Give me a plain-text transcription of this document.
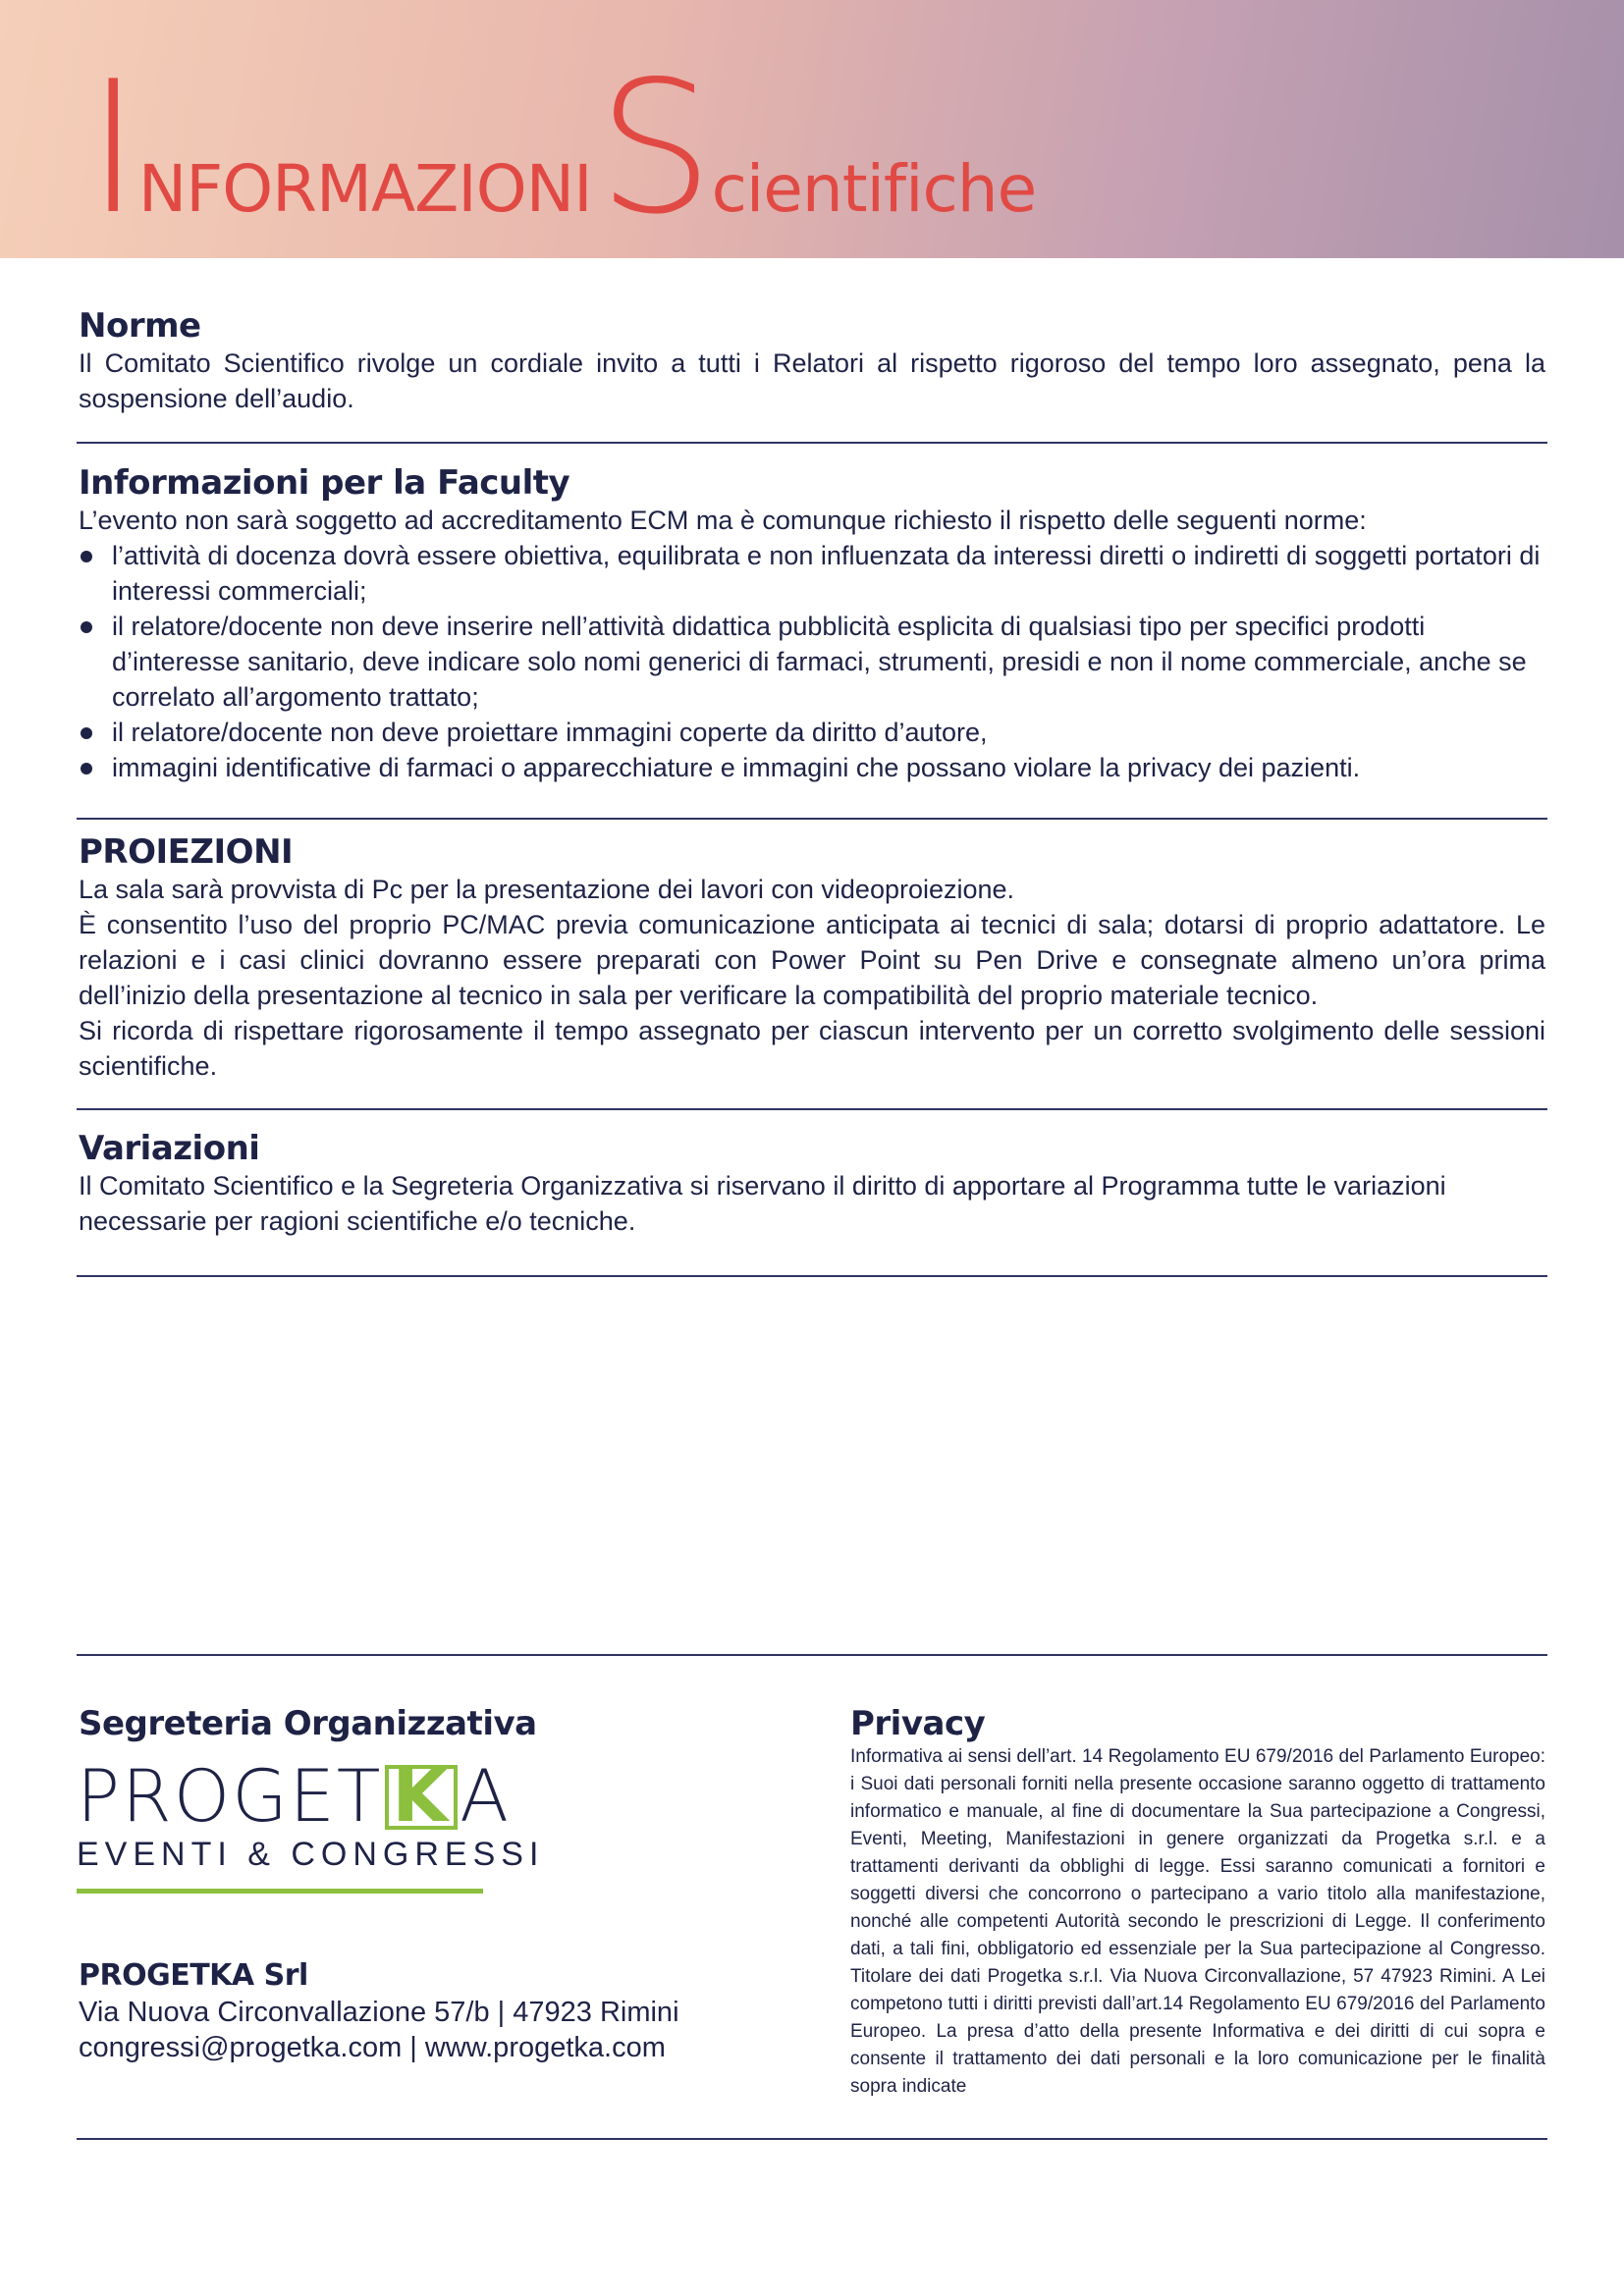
INFORMAZIONIScientifiche
Norme

Il Comitato Scientifico rivolge un cordiale invito a tutti i Relatori al rispetto rigoroso del tempo loro assegnato, pena la sospensione dell’audio.

Informazioni per la Faculty

L’evento non sarà soggetto ad accreditamento ECM ma è comunque richiesto il rispetto delle seguenti norme:

l’attività di docenza dovrà essere obiettiva, equilibrata e non influenzata da interessi diretti o indiretti di soggetti portatori di interessi commerciali;
il relatore/docente non deve inserire nell’attività didattica pubblicità esplicita di qualsiasi tipo per specifici prodotti d’interesse sanitario, deve indicare solo nomi generici di farmaci, strumenti, presidi e non il nome commerciale, anche se correlato all’argomento trattato;
il relatore/docente non deve proiettare immagini coperte da diritto d’autore,
immagini identificative di farmaci o apparecchiature e immagini che possano violare la privacy dei pazienti.
PROIEZIONI

La sala sarà provvista di Pc per la presentazione dei lavori con videoproiezione.

È consentito l’uso del proprio PC/MAC previa comunicazione anticipata ai tecnici di sala; dotarsi di proprio adattatore. Le relazioni e i casi clinici dovranno essere preparati con Power Point su Pen Drive e consegnate almeno un’ora prima dell’inizio della presentazione al tecnico in sala per verificare la compatibilità del proprio materiale tecnico.

Si ricorda di rispettare rigorosamente il tempo assegnato per ciascun intervento per un corretto svolgimento delle sessioni scientifiche.

Variazioni

Il Comitato Scientifico e la Segreteria Organizzativa si riservano il diritto di apportare al Programma tutte le variazioni necessarie per ragioni scientifiche e/o tecniche.

Segreteria Organizzativa
PROGET K A
EVENTI & CONGRESSI
PROGETKA Srl
Via Nuova Circonvallazione 57/b | 47923 Rimini
congressi@progetka.com | www.progetka.com
Privacy
Informativa ai sensi dell’art. 14 Regolamento EU 679/2016 del Parlamento Europeo: i Suoi dati personali forniti nella presente occasione saranno oggetto di trattamento informatico e manuale, al fine di documentare la Sua partecipazione a Congressi, Eventi, Meeting, Manifestazioni in genere organizzati da Progetka s.r.l. e a trattamenti derivanti da obblighi di legge. Essi saranno comunicati a fornitori e soggetti diversi che concorrono o partecipano a vario titolo alla manifestazione, nonché alle competenti Autorità secondo le prescrizioni di Legge. Il conferimento dati, a tali fini, obbligatorio ed essenziale per la Sua partecipazione al Congresso. Titolare dei dati Progetka s.r.l. Via Nuova Circonvallazione, 57 47923 Rimini. A Lei competono tutti i diritti previsti dall’art.14 Regolamento EU 679/2016 del Parlamento Europeo. La presa d’atto della presente Informativa e dei diritti di cui sopra e consente il trattamento dei dati personali e la loro comunicazione per le finalità sopra indicate
